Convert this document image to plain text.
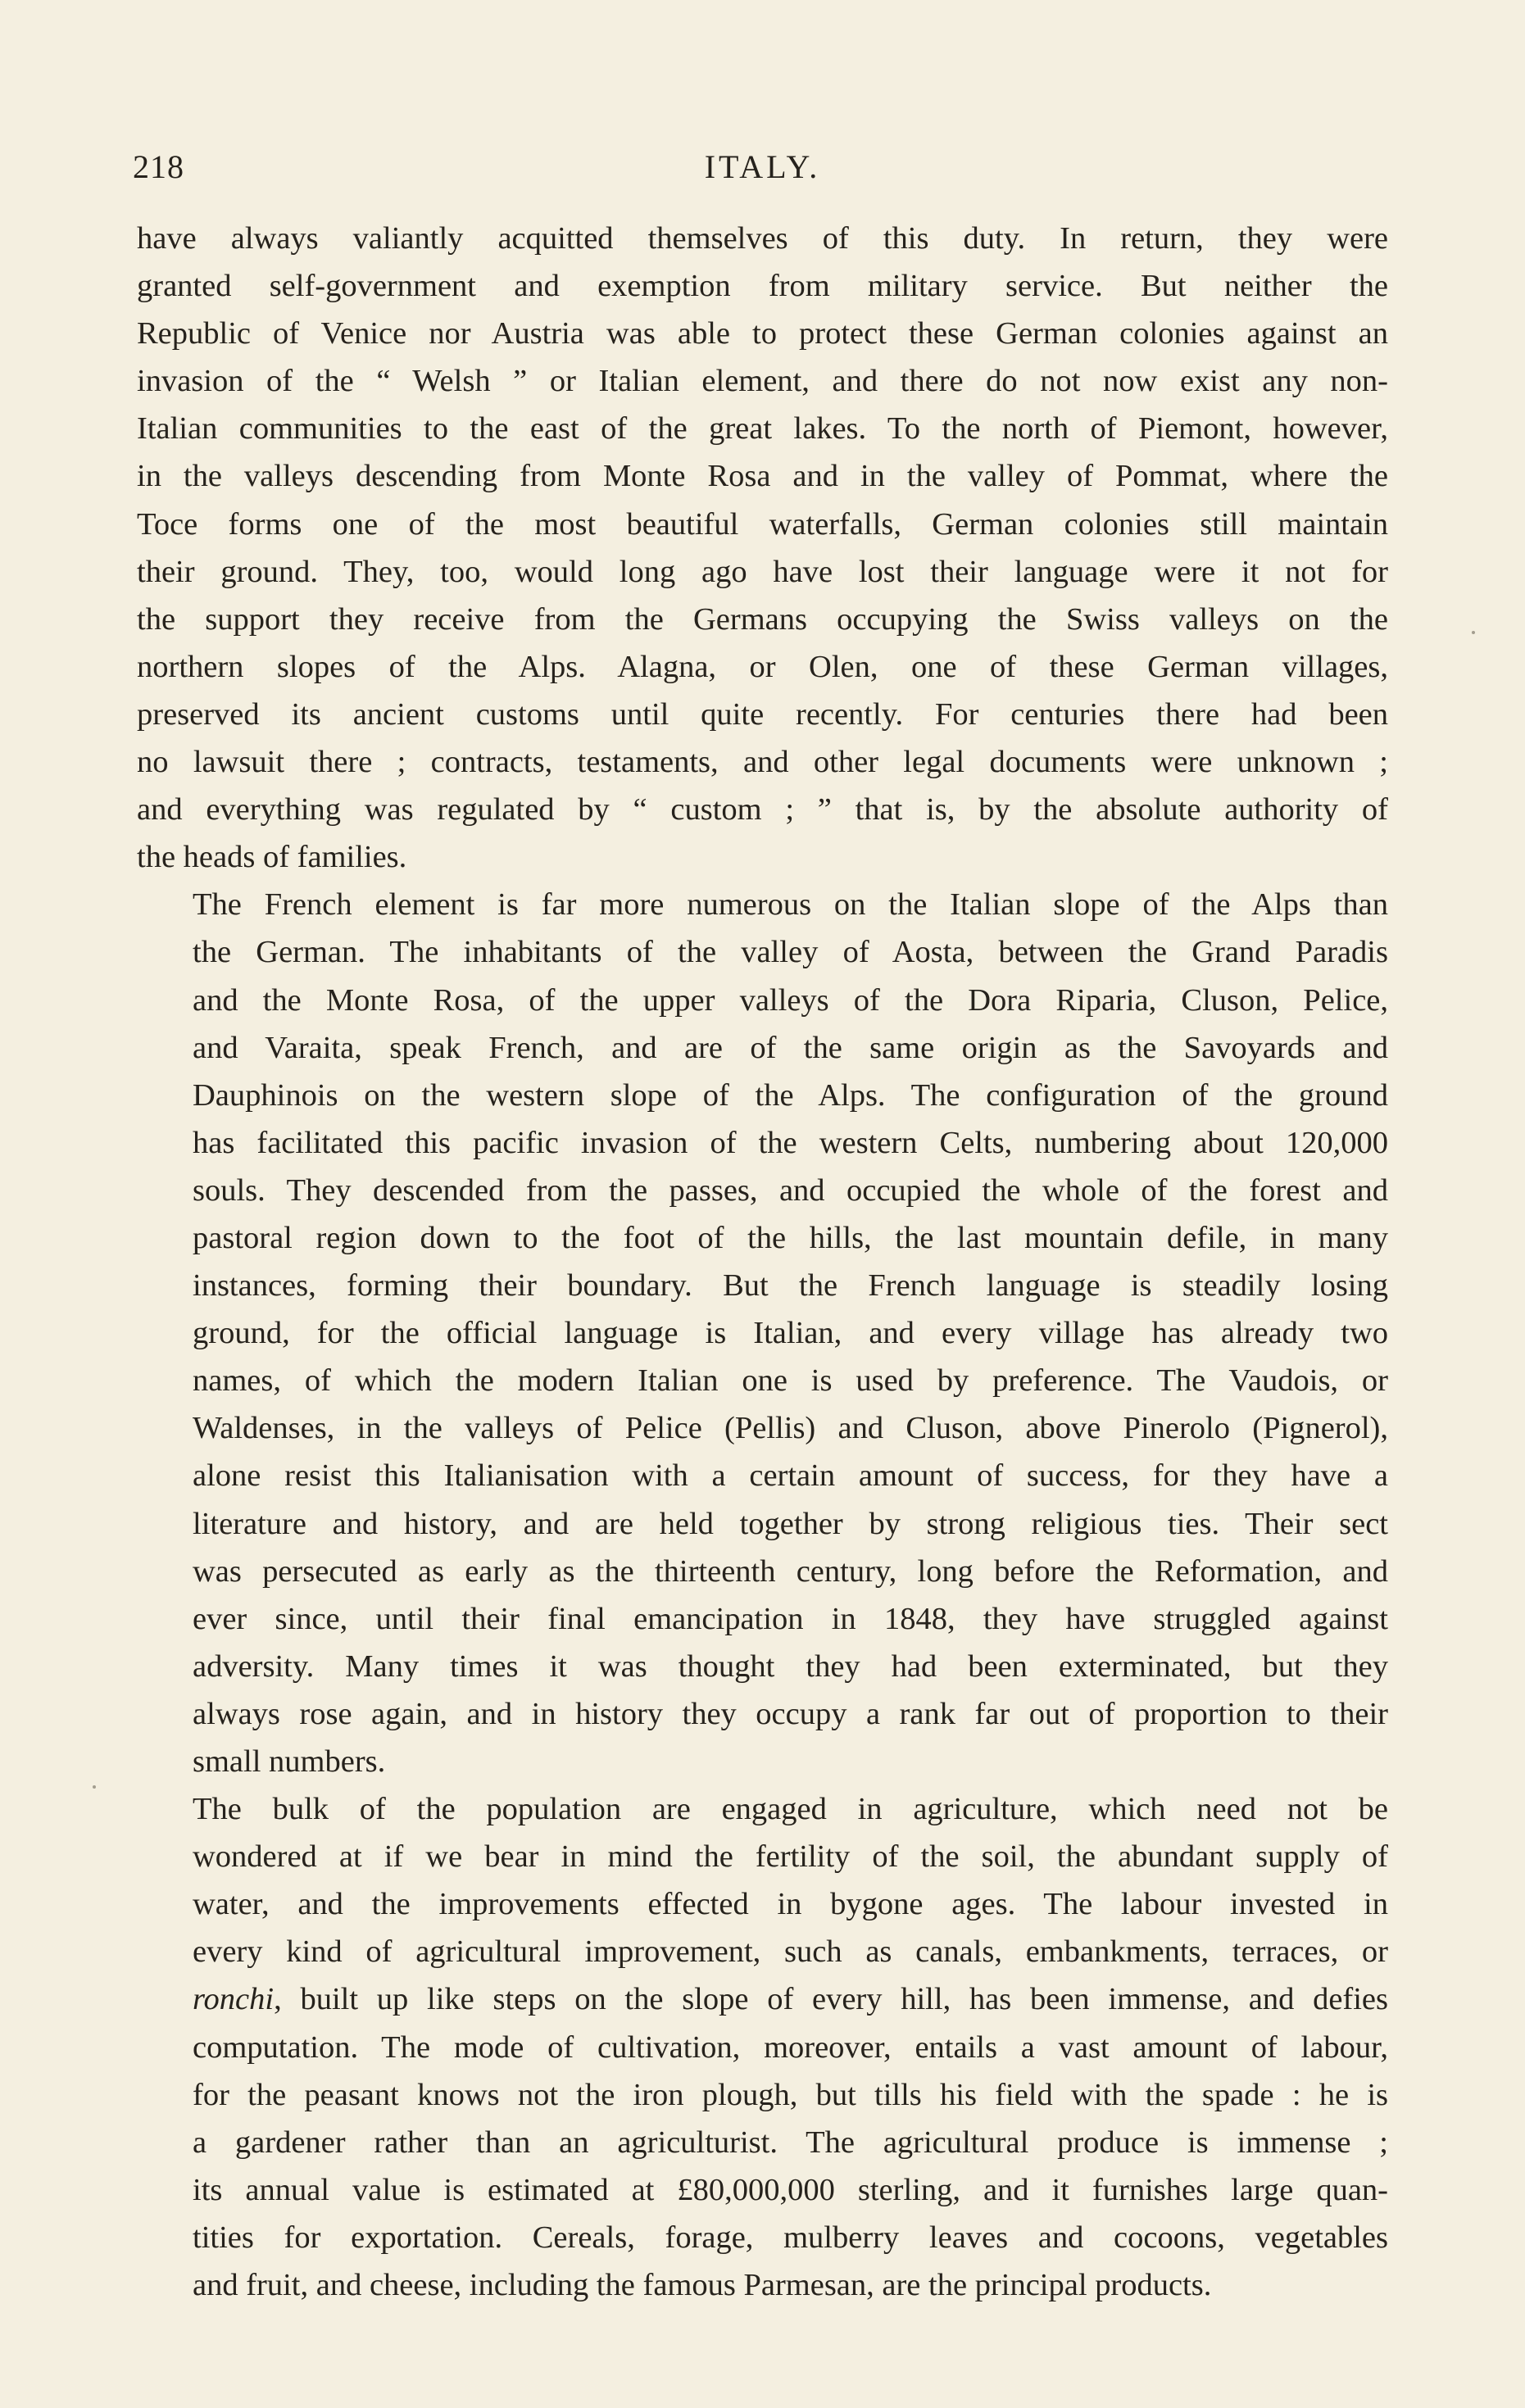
218	ITALY.

have always valiantly acquitted themselves of this duty. In return, they were
granted self-government and exemption from military service. But neither the
Republic of Venice nor Austria was able to protect these German colonies against an
invasion of the “ Welsh ” or Italian element, and there do not now exist any non-
Italian communities to the east of the great lakes. To the north of Piemont, however,
in the valleys descending from Monte Rosa and in the valley of Pommat, where the
Toce forms one of the most beautiful waterfalls, German colonies still maintain
their ground. They, too, would long ago have lost their language were it not for
the support they receive from the Germans occupying the Swiss valleys on the
northern slopes of the Alps. Alagna, or Olen, one of these German villages,
preserved its ancient customs until quite recently. For centuries there had been
no lawsuit there ; contracts, testaments, and other legal documents were unknown ;
and everything was regulated by “ custom ; ” that is, by the absolute authority of
the heads of families.

The French element is far more numerous on the Italian slope of the Alps than
the German. The inhabitants of the valley of Aosta, between the Grand Paradis
and the Monte Rosa, of the upper valleys of the Dora Riparia, Cluson, Pelice,
and Varaita, speak French, and are of the same origin as the Savoyards and
Dauphinois on the western slope of the Alps. The configuration of the ground
has facilitated this pacific invasion of the western Celts, numbering about 120,000
souls. They descended from the passes, and occupied the whole of the forest and
pastoral region down to the foot of the hills, the last mountain defile, in many
instances, forming their boundary. But the French language is steadily losing
ground, for the official language is Italian, and every village has already two
names, of which the modern Italian one is used by preference. The Vaudois, or
Waldenses, in the valleys of Pelice (Pellis) and Cluson, above Pinerolo (Pignerol),
alone resist this Italianisation with a certain amount of success, for they have a
literature and history, and are held together by strong religious ties. Their sect
was persecuted as early as the thirteenth century, long before the Reformation, and
ever since, until their final emancipation in 1848, they have struggled against
adversity. Many times it was thought they had been exterminated, but they
always rose again, and in history they occupy a rank far out of proportion to their
small numbers.

The bulk of the population are engaged in agriculture, which need not be
wondered at if we bear in mind the fertility of the soil, the abundant supply of
water, and the improvements effected in bygone ages. The labour invested in
every kind of agricultural improvement, such as canals, embankments, terraces, or
ronchi, built up like steps on the slope of every hill, has been immense, and defies
computation. The mode of cultivation, moreover, entails a vast amount of labour,
for the peasant knows not the iron plough, but tills his field with the spade : he is
a gardener rather than an agriculturist. The agricultural produce is immense ;
its annual value is estimated at £80,000,000 sterling, and it furnishes large quan-
tities for exportation. Cereals, forage, mulberry leaves and cocoons, vegetables
and fruit, and cheese, including the famous Parmesan, are the principal products.
